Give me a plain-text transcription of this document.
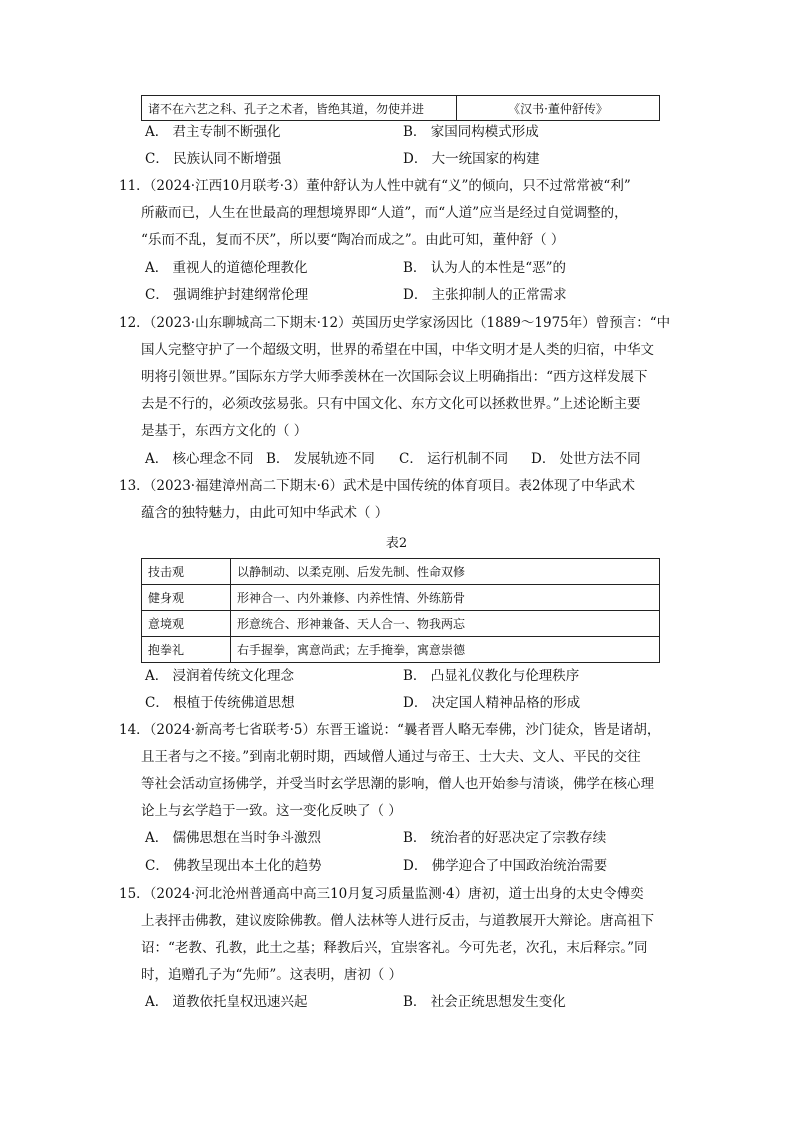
诸不在六艺之科、孔子之术者，皆绝其道，勿使并进	《汉书·董仲舒传》
A． 君主专制不断强化	B． 家国同构模式形成
C． 民族认同不断增强	D． 大一统国家的构建
11．（2024·江西10月联考·3）董仲舒认为人性中就有“义”的倾向，只不过常常被“利”
所蔽而已，人生在世最高的理想境界即“人道”，而“人道”应当是经过自觉调整的，
“乐而不乱，复而不厌”，所以要“陶冶而成之”。由此可知，董仲舒（ ）
A． 重视人的道德伦理教化	B． 认为人的本性是“恶”的
C． 强调维护封建纲常伦理	D． 主张抑制人的正常需求
12．（2023·山东聊城高二下期末·12）英国历史学家汤因比（1889～1975年）曾预言：“中
国人完整守护了一个超级文明，世界的希望在中国，中华文明才是人类的归宿，中华文
明将引领世界。”国际东方学大师季羡林在一次国际会议上明确指出：“西方这样发展下
去是不行的，必须改弦易张。只有中国文化、东方文化可以拯救世界。”上述论断主要
是基于，东西方文化的（ ）
A． 核心理念不同 B． 发展轨迹不同 C． 运行机制不同 D． 处世方法不同
13．（2023·福建漳州高二下期末·6）武术是中国传统的体育项目。表2体现了中华武术
蕴含的独特魅力，由此可知中华武术（ ）
表2
技击观	以静制动、以柔克刚、后发先制、性命双修
健身观	形神合一、内外兼修、内养性情、外练筋骨
意境观	形意统合、形神兼备、天人合一、物我两忘
抱拳礼	右手握拳，寓意尚武；左手掩拳，寓意崇德
A． 浸润着传统文化理念	B． 凸显礼仪教化与伦理秩序
C． 根植于传统佛道思想	D． 决定国人精神品格的形成
14．（2024·新高考七省联考·5）东晋王谧说：“曩者晋人略无奉佛，沙门徒众，皆是诸胡，
且王者与之不接。”到南北朝时期，西域僧人通过与帝王、士大夫、文人、平民的交往
等社会活动宣扬佛学，并受当时玄学思潮的影响，僧人也开始参与清谈，佛学在核心理
论上与玄学趋于一致。这一变化反映了（ ）
A． 儒佛思想在当时争斗激烈	B． 统治者的好恶决定了宗教存续
C． 佛教呈现出本土化的趋势	D． 佛学迎合了中国政治统治需要
15．（2024·河北沧州普通高中高三10月复习质量监测·4）唐初，道士出身的太史令傅奕
上表抨击佛教，建议废除佛教。僧人法林等人进行反击，与道教展开大辩论。唐高祖下
诏：“老教、孔教，此土之基；释教后兴，宜崇客礼。今可先老，次孔，末后释宗。”同
时，追赠孔子为“先师”。这表明，唐初（ ）
A． 道教依托皇权迅速兴起	B． 社会正统思想发生变化
